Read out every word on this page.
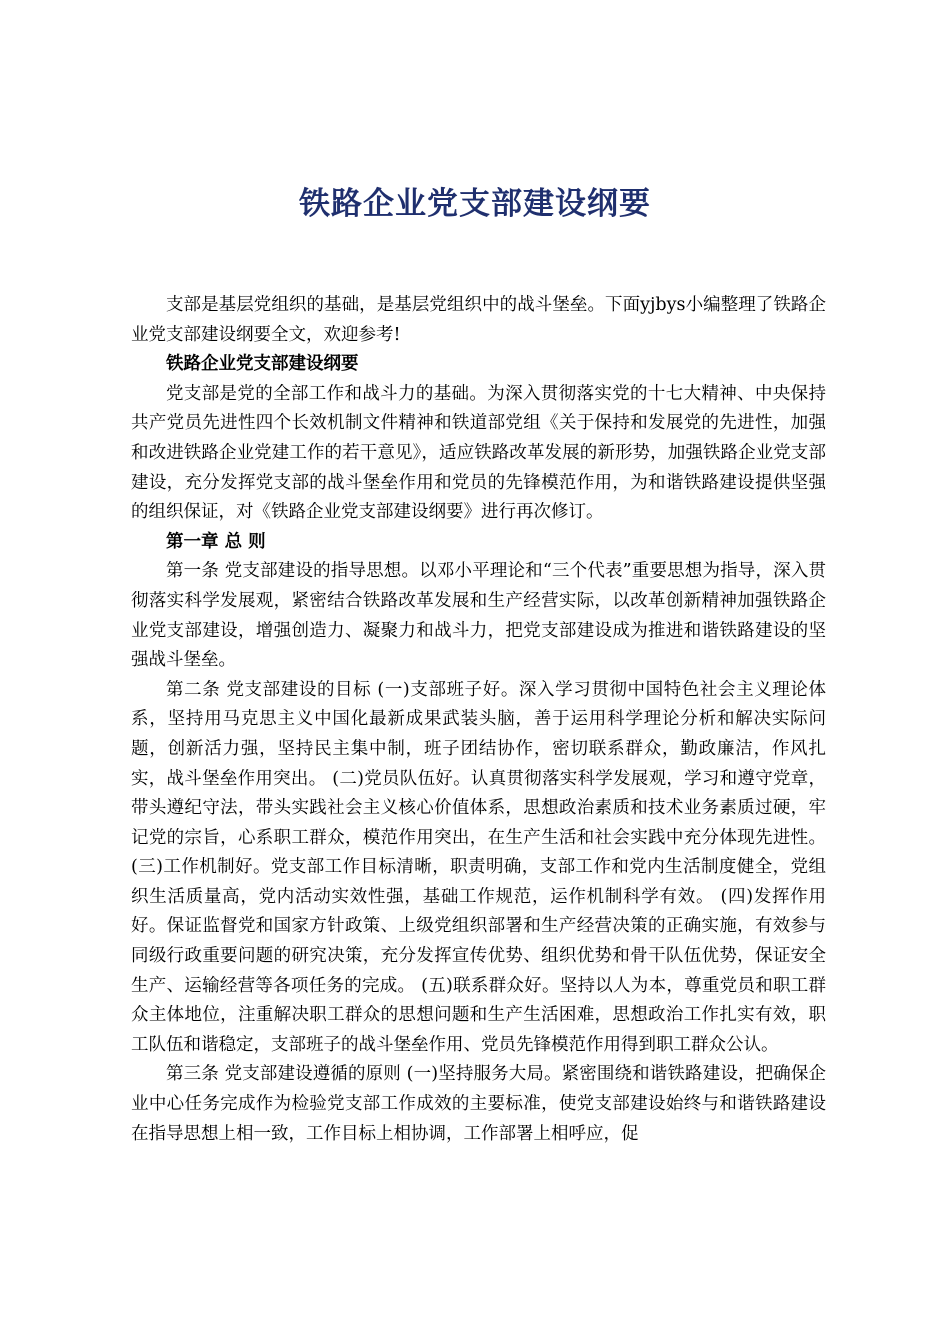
铁路企业党支部建设纲要

支部是基层党组织的基础，是基层党组织中的战斗堡垒。下面yjbys小编整理了铁路企业党支部建设纲要全文，欢迎参考!

铁路企业党支部建设纲要

党支部是党的全部工作和战斗力的基础。为深入贯彻落实党的十七大精神、中央保持共产党员先进性四个长效机制文件精神和铁道部党组《关于保持和发展党的先进性，加强和改进铁路企业党建工作的若干意见》，适应铁路改革发展的新形势，加强铁路企业党支部建设，充分发挥党支部的战斗堡垒作用和党员的先锋模范作用，为和谐铁路建设提供坚强的组织保证，对《铁路企业党支部建设纲要》进行再次修订。

第一章 总 则

第一条 党支部建设的指导思想。以邓小平理论和“三个代表”重要思想为指导，深入贯彻落实科学发展观，紧密结合铁路改革发展和生产经营实际，以改革创新精神加强铁路企业党支部建设，增强创造力、凝聚力和战斗力，把党支部建设成为推进和谐铁路建设的坚强战斗堡垒。

第二条 党支部建设的目标 (一)支部班子好。深入学习贯彻中国特色社会主义理论体系，坚持用马克思主义中国化最新成果武装头脑，善于运用科学理论分析和解决实际问题，创新活力强，坚持民主集中制，班子团结协作，密切联系群众，勤政廉洁，作风扎实，战斗堡垒作用突出。 (二)党员队伍好。认真贯彻落实科学发展观，学习和遵守党章，带头遵纪守法，带头实践社会主义核心价值体系，思想政治素质和技术业务素质过硬，牢记党的宗旨，心系职工群众，模范作用突出，在生产生活和社会实践中充分体现先进性。 (三)工作机制好。党支部工作目标清晰，职责明确，支部工作和党内生活制度健全，党组织生活质量高，党内活动实效性强，基础工作规范，运作机制科学有效。 (四)发挥作用好。保证监督党和国家方针政策、上级党组织部署和生产经营决策的正确实施，有效参与同级行政重要问题的研究决策，充分发挥宣传优势、组织优势和骨干队伍优势，保证安全生产、运输经营等各项任务的完成。 (五)联系群众好。坚持以人为本，尊重党员和职工群众主体地位，注重解决职工群众的思想问题和生产生活困难，思想政治工作扎实有效，职工队伍和谐稳定，支部班子的战斗堡垒作用、党员先锋模范作用得到职工群众公认。

第三条 党支部建设遵循的原则 (一)坚持服务大局。紧密围绕和谐铁路建设，把确保企业中心任务完成作为检验党支部工作成效的主要标准，使党支部建设始终与和谐铁路建设在指导思想上相一致，工作目标上相协调，工作部署上相呼应，促
